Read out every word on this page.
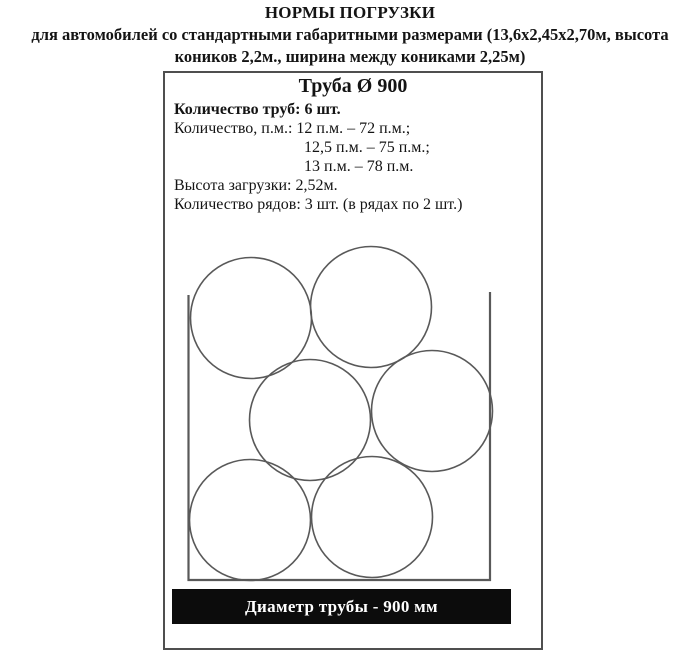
НОРМЫ ПОГРУЗКИ
для автомобилей со стандартными габаритными размерами (13,6х2,45х2,70м, высота
коников 2,2м., ширина между кониками 2,25м)
Труба Ø 900
Количество труб: 6 шт.
Количество, п.м.: 12 п.м. – 72 п.м.;
12,5 п.м. – 75 п.м.;
13 п.м. – 78 п.м.
Высота загрузки: 2,52м.
Количество рядов: 3 шт. (в рядах по 2 шт.)
Диаметр трубы - 900 мм
